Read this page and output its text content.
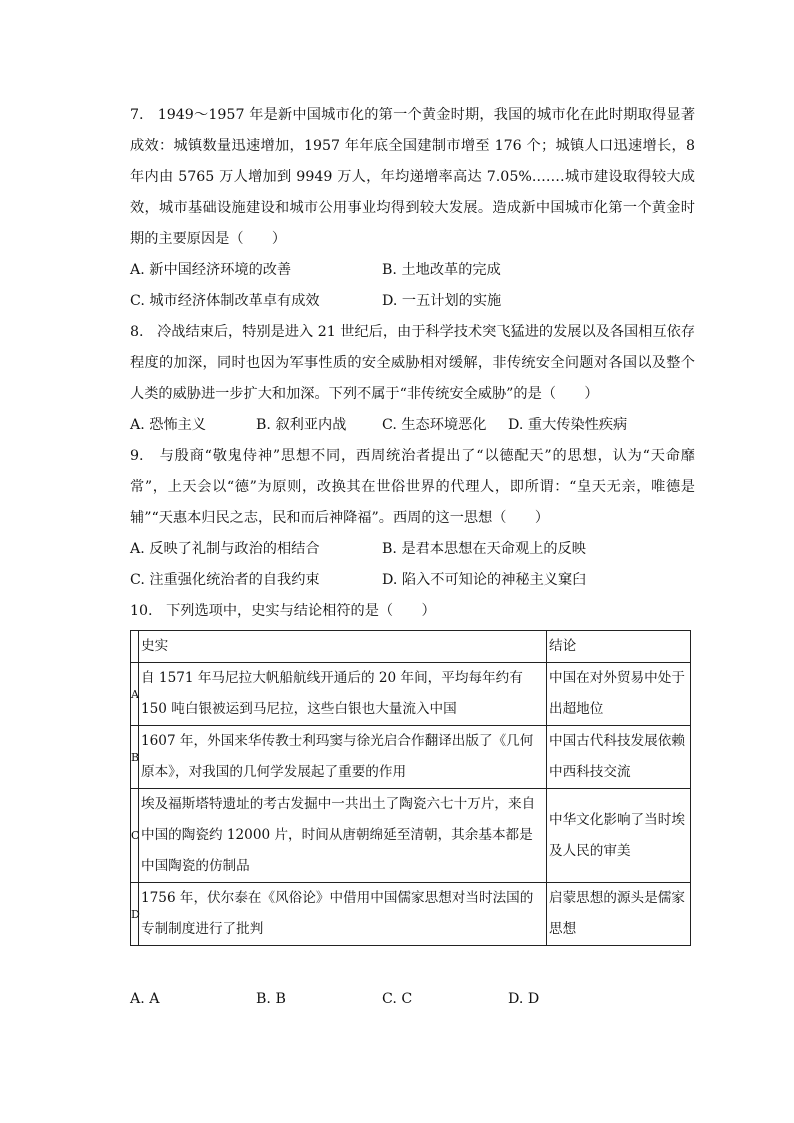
7. 1949～1957 年是新中国城市化的第一个黄金时期，我国的城市化在此时期取得显著成效：城镇数量迅速增加，1957 年年底全国建制市增至 176 个；城镇人口迅速增长，8 年内由 5765 万人增加到 9949 万人，年均递增率高达 7.05%.……城市建设取得较大成效，城市基础设施建设和城市公用事业均得到较大发展。造成新中国城市化第一个黄金时期的主要原因是（　　）

A. 新中国经济环境的改善	B. 土地改革的完成
C. 城市经济体制改革卓有成效	D. 一五计划的实施

8. 冷战结束后，特别是进入 21 世纪后，由于科学技术突飞猛进的发展以及各国相互依存程度的加深，同时也因为军事性质的安全威胁相对缓解，非传统安全问题对各国以及整个人类的威胁进一步扩大和加深。下列不属于“非传统安全威胁”的是（　　）

A. 恐怖主义	B. 叙利亚内战	C. 生态环境恶化	D. 重大传染性疾病

9. 与殷商“敬鬼侍神”思想不同，西周统治者提出了“以德配天”的思想，认为“天命靡常”，上天会以“德”为原则，改换其在世俗世界的代理人，即所谓：“皇天无亲，唯德是辅”“天惠本归民之志，民和而后神降福”。西周的这一思想（　　）

A. 反映了礼制与政治的相结合	B. 是君本思想在天命观上的反映
C. 注重强化统治者的自我约束	D. 陷入不可知论的神秘主义窠臼

10. 下列选项中，史实与结论相符的是（　　）

	史实	结论
A	自 1571 年马尼拉大帆船航线开通后的 20 年间，平均每年约有 150 吨白银被运到马尼拉，这些白银也大量流入中国	中国在对外贸易中处于出超地位
B	1607 年，外国来华传教士利玛窦与徐光启合作翻译出版了《几何原本》，对我国的几何学发展起了重要的作用	中国古代科技发展依赖中西科技交流
C	埃及福斯塔特遗址的考古发掘中一共出土了陶瓷六七十万片，来自中国的陶瓷约 12000 片，时间从唐朝绵延至清朝，其余基本都是中国陶瓷的仿制品	中华文化影响了当时埃及人民的审美
D	1756 年，伏尔泰在《风俗论》中借用中国儒家思想对当时法国的专制制度进行了批判	启蒙思想的源头是儒家思想
A. A	B. B	C. C	D. D
